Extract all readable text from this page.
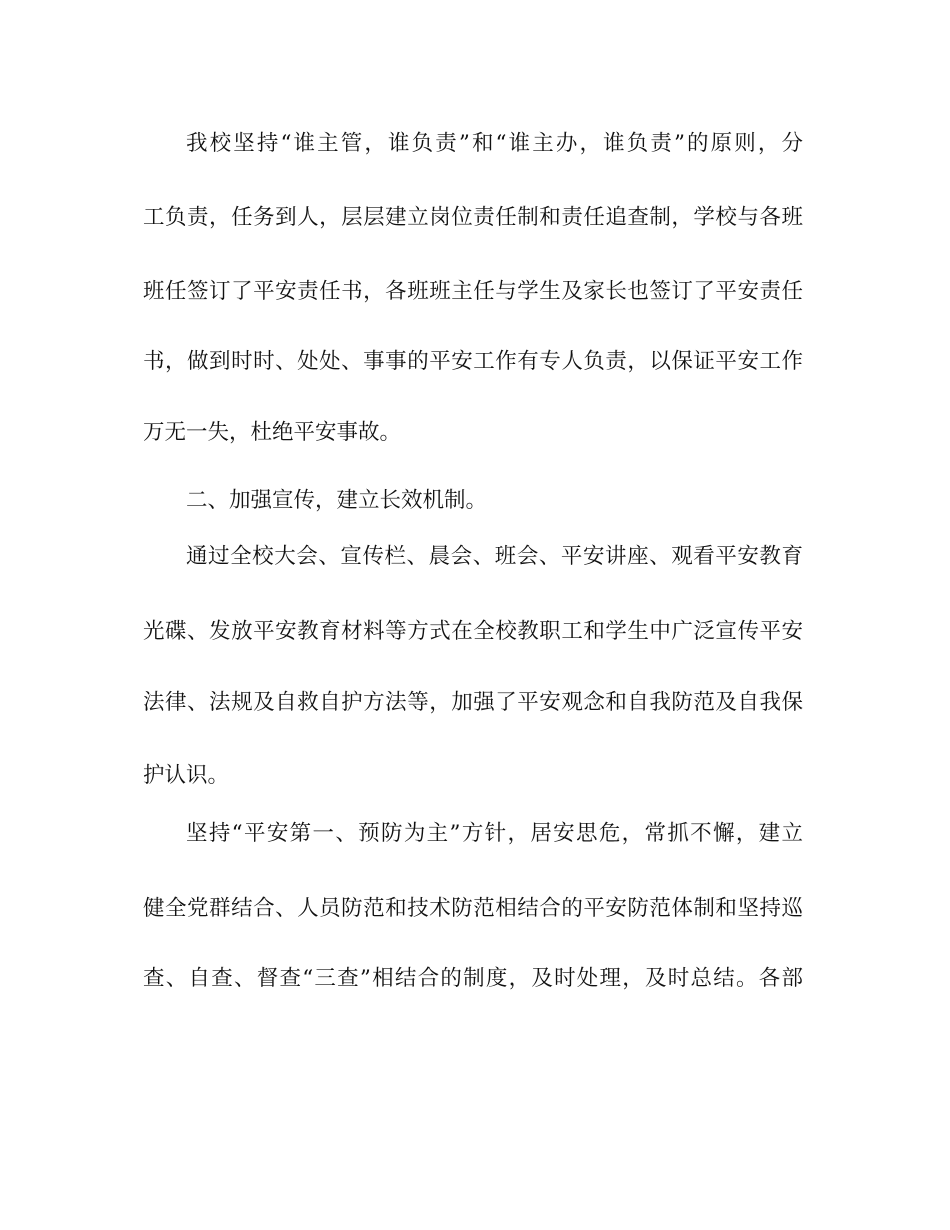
我校坚持“谁主管，谁负责”和“谁主办，谁负责”的原则，分
工负责，任务到人，层层建立岗位责任制和责任追查制，学校与各班
班任签订了平安责任书，各班班主任与学生及家长也签订了平安责任
书，做到时时、处处、事事的平安工作有专人负责，以保证平安工作
万无一失，杜绝平安事故。
二、加强宣传，建立长效机制。
通过全校大会、宣传栏、晨会、班会、平安讲座、观看平安教育
光碟、发放平安教育材料等方式在全校教职工和学生中广泛宣传平安
法律、法规及自救自护方法等，加强了平安观念和自我防范及自我保
护认识。
坚持“平安第一、预防为主”方针，居安思危，常抓不懈，建立
健全党群结合、人员防范和技术防范相结合的平安防范体制和坚持巡
查、自查、督查“三查”相结合的制度，及时处理，及时总结。各部
